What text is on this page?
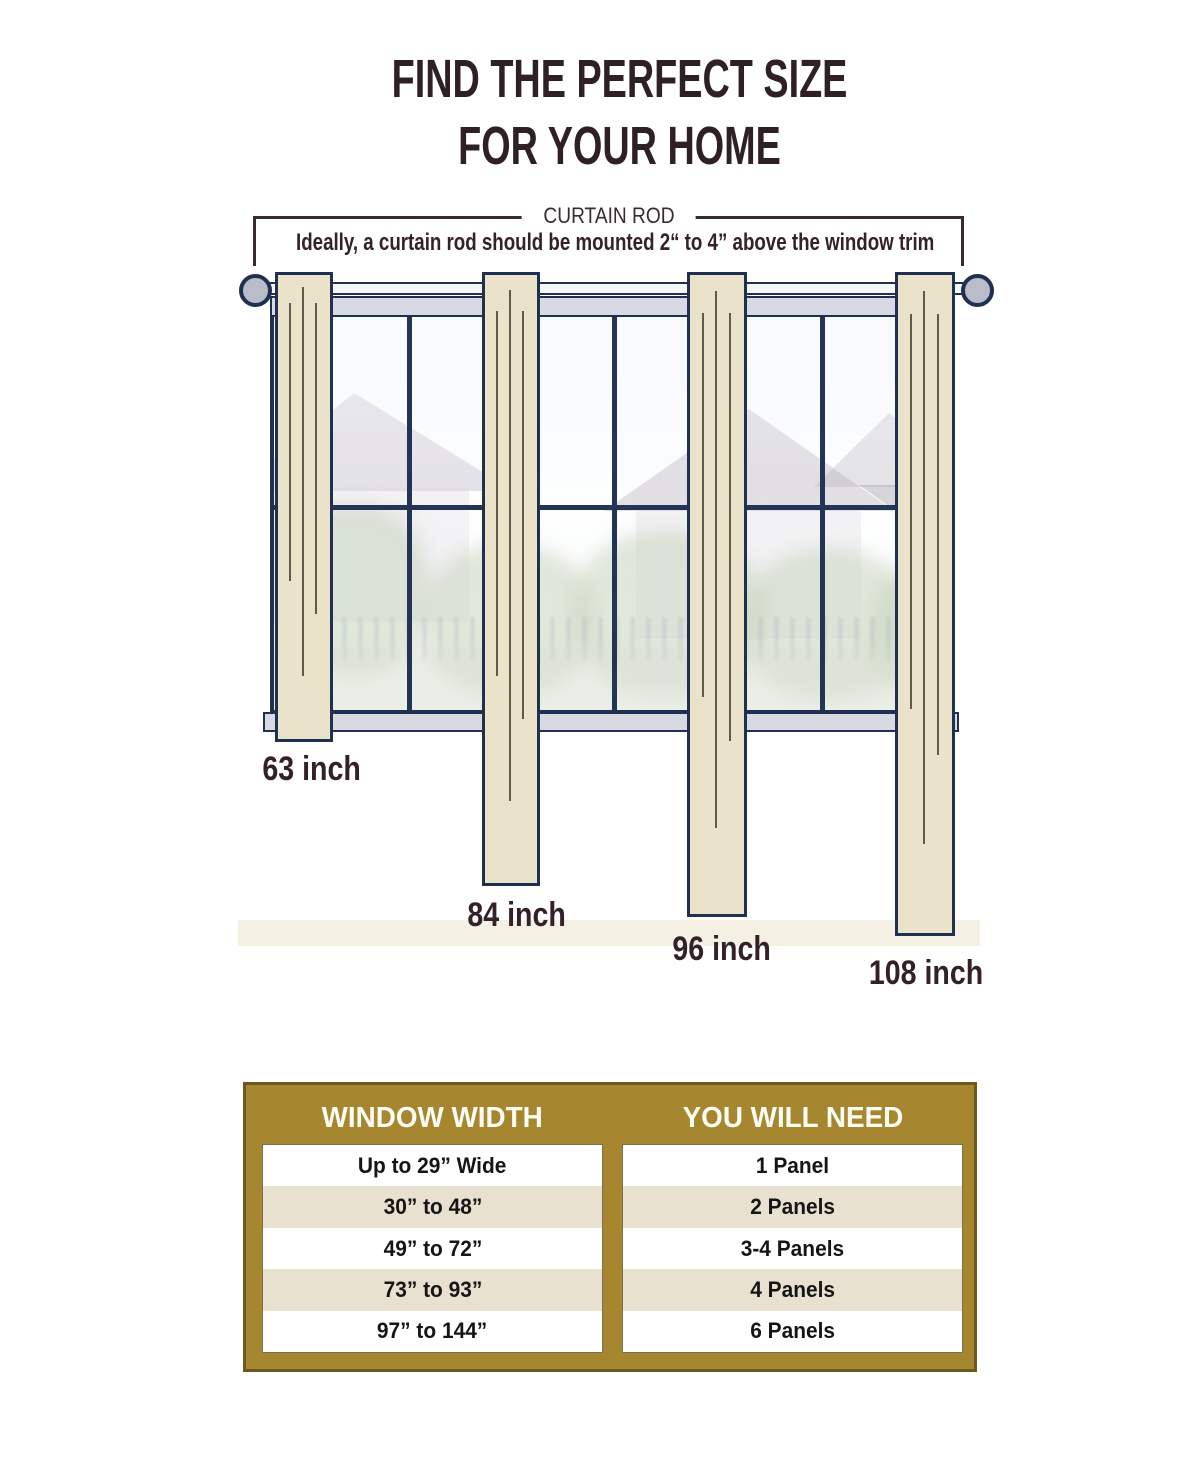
FIND THE PERFECT SIZE
FOR YOUR HOME
CURTAIN ROD
Ideally, a curtain rod should be mounted 2“ to 4” above the window trim
63 inch
84 inch
96 inch
108 inch
WINDOW WIDTH	YOU WILL NEED
Up to 29” Wide
30” to 48”
49” to 72”
73” to 93”
97” to 144”
1 Panel
2 Panels
3-4 Panels
4 Panels
6 Panels
